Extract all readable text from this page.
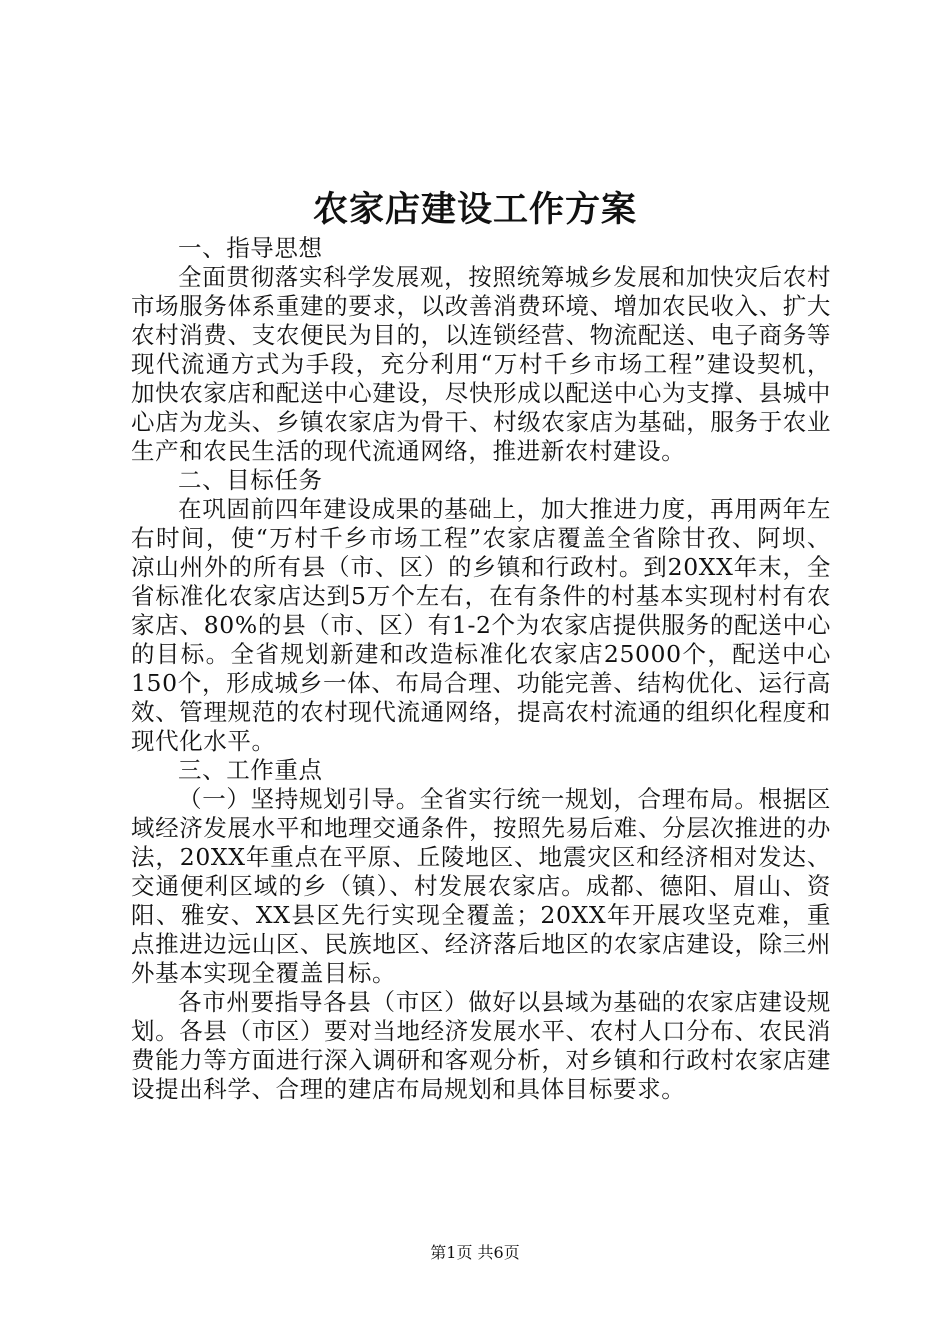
农家店建设工作方案
一、指导思想

全面贯彻落实科学发展观，按照统筹城乡发展和加快灾后农村市场服务体系重建的要求，以改善消费环境、增加农民收入、扩大农村消费、支农便民为目的，以连锁经营、物流配送、电子商务等现代流通方式为手段，充分利用“万村千乡市场工程”建设契机，加快农家店和配送中心建设，尽快形成以配送中心为支撑、县城中心店为龙头、乡镇农家店为骨干、村级农家店为基础，服务于农业生产和农民生活的现代流通网络，推进新农村建设。

二、目标任务

在巩固前四年建设成果的基础上，加大推进力度，再用两年左右时间，使“万村千乡市场工程”农家店覆盖全省除甘孜、阿坝、凉山州外的所有县（市、区）的乡镇和行政村。到20XX年末，全省标准化农家店达到5万个左右，在有条件的村基本实现村村有农家店、80%的县（市、区）有1-2个为农家店提供服务的配送中心的目标。全省规划新建和改造标准化农家店25000个，配送中心150个，形成城乡一体、布局合理、功能完善、结构优化、运行高效、管理规范的农村现代流通网络，提高农村流通的组织化程度和现代化水平。

三、工作重点

（一）坚持规划引导。全省实行统一规划，合理布局。根据区域经济发展水平和地理交通条件，按照先易后难、分层次推进的办法，20XX年重点在平原、丘陵地区、地震灾区和经济相对发达、交通便利区域的乡（镇）、村发展农家店。成都、德阳、眉山、资阳、雅安、XX县区先行实现全覆盖；20XX年开展攻坚克难，重点推进边远山区、民族地区、经济落后地区的农家店建设，除三州外基本实现全覆盖目标。

各市州要指导各县（市区）做好以县域为基础的农家店建设规划。各县（市区）要对当地经济发展水平、农村人口分布、农民消费能力等方面进行深入调研和客观分析，对乡镇和行政村农家店建设提出科学、合理的建店布局规划和具体目标要求。

第1页 共6页
